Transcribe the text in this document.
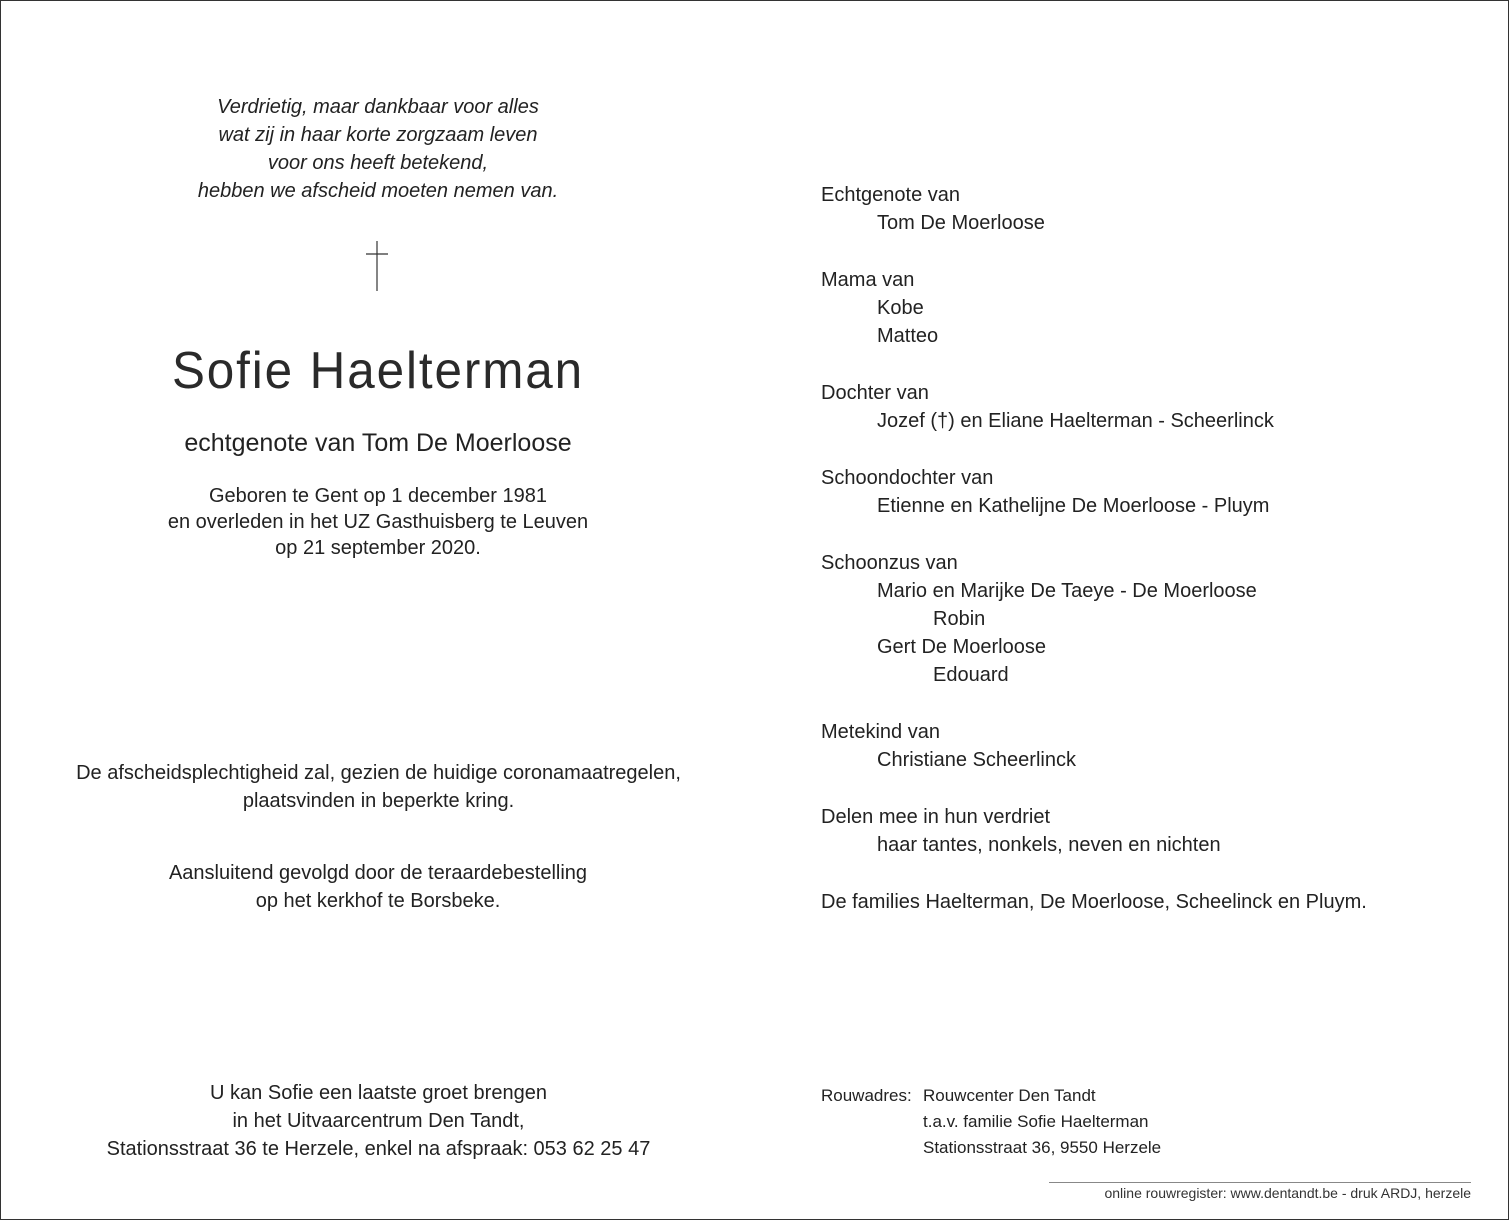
Verdrietig, maar dankbaar voor alles
wat zij in haar korte zorgzaam leven
voor ons heeft betekend,
hebben we afscheid moeten nemen van.
Sofie Haelterman
echtgenote van Tom De Moerloose
Geboren te Gent op 1 december 1981
en overleden in het UZ Gasthuisberg te Leuven
op 21 september 2020.
De afscheidsplechtigheid zal, gezien de huidige coronamaatregelen,
plaatsvinden in beperkte kring.
Aansluitend gevolgd door de teraardebestelling
op het kerkhof te Borsbeke.
U kan Sofie een laatste groet brengen
in het Uitvaarcentrum Den Tandt,
Stationsstraat 36 te Herzele, enkel na afspraak: 053 62 25 47
Echtgenote van
Tom De Moerloose
Mama van
Kobe
Matteo
Dochter van
Jozef (†) en Eliane Haelterman - Scheerlinck
Schoondochter van
Etienne en Kathelijne De Moerloose - Pluym
Schoonzus van
Mario en Marijke De Taeye - De Moerloose
Robin
Gert De Moerloose
Edouard
Metekind van
Christiane Scheerlinck
Delen mee in hun verdriet
haar tantes, nonkels, neven en nichten
De families Haelterman, De Moerloose, Scheelinck en Pluym.
Rouwadres: Rouwcenter Den Tandt
t.a.v. familie Sofie Haelterman
Stationsstraat 36, 9550 Herzele
online rouwregister: www.dentandt.be - druk ARDJ, herzele
